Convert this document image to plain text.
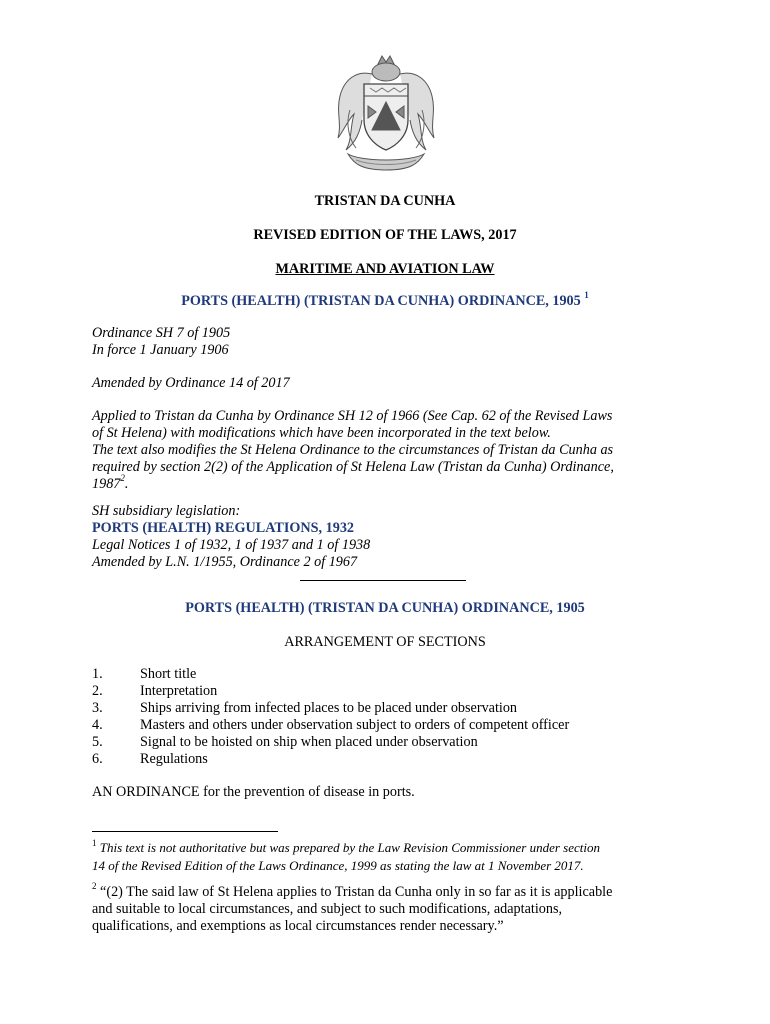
TRISTAN DA CUNHA
REVISED EDITION OF THE LAWS, 2017
MARITIME AND AVIATION LAW
PORTS (HEALTH) (TRISTAN DA CUNHA) ORDINANCE, 1905 $^1$
Ordinance SH 7 of 1905
In force 1 January 1906
Amended by Ordinance 14 of 2017
Applied to Tristan da Cunha by Ordinance SH 12 of 1966 (See Cap. 62 of the Revised Laws
of St Helena) with modifications which have been incorporated in the text below.
The text also modifies the St Helena Ordinance to the circumstances of Tristan da Cunha as
required by section 2(2) of the Application of St Helena Law (Tristan da Cunha) Ordinance,
1987$^2$.
SH subsidiary legislation:
PORTS (HEALTH) REGULATIONS, 1932
Legal Notices 1 of 1932, 1 of 1937 and 1 of 1938
Amended by L.N. 1/1955, Ordinance 2 of 1967
PORTS (HEALTH) (TRISTAN DA CUNHA) ORDINANCE, 1905
ARRANGEMENT OF SECTIONS
1.	Short title
2.	Interpretation
3.	Ships arriving from infected places to be placed under observation
4.	Masters and others under observation subject to orders of competent officer
5.	Signal to be hoisted on ship when placed under observation
6.	Regulations
AN ORDINANCE for the prevention of disease in ports.
$^1$ This text is not authoritative but was prepared by the Law Revision Commissioner under section
14 of the Revised Edition of the Laws Ordinance, 1999 as stating the law at 1 November 2017.
$^2$ “(2) The said law of St Helena applies to Tristan da Cunha only in so far as it is applicable
and suitable to local circumstances, and subject to such modifications, adaptations,
qualifications, and exemptions as local circumstances render necessary.”
